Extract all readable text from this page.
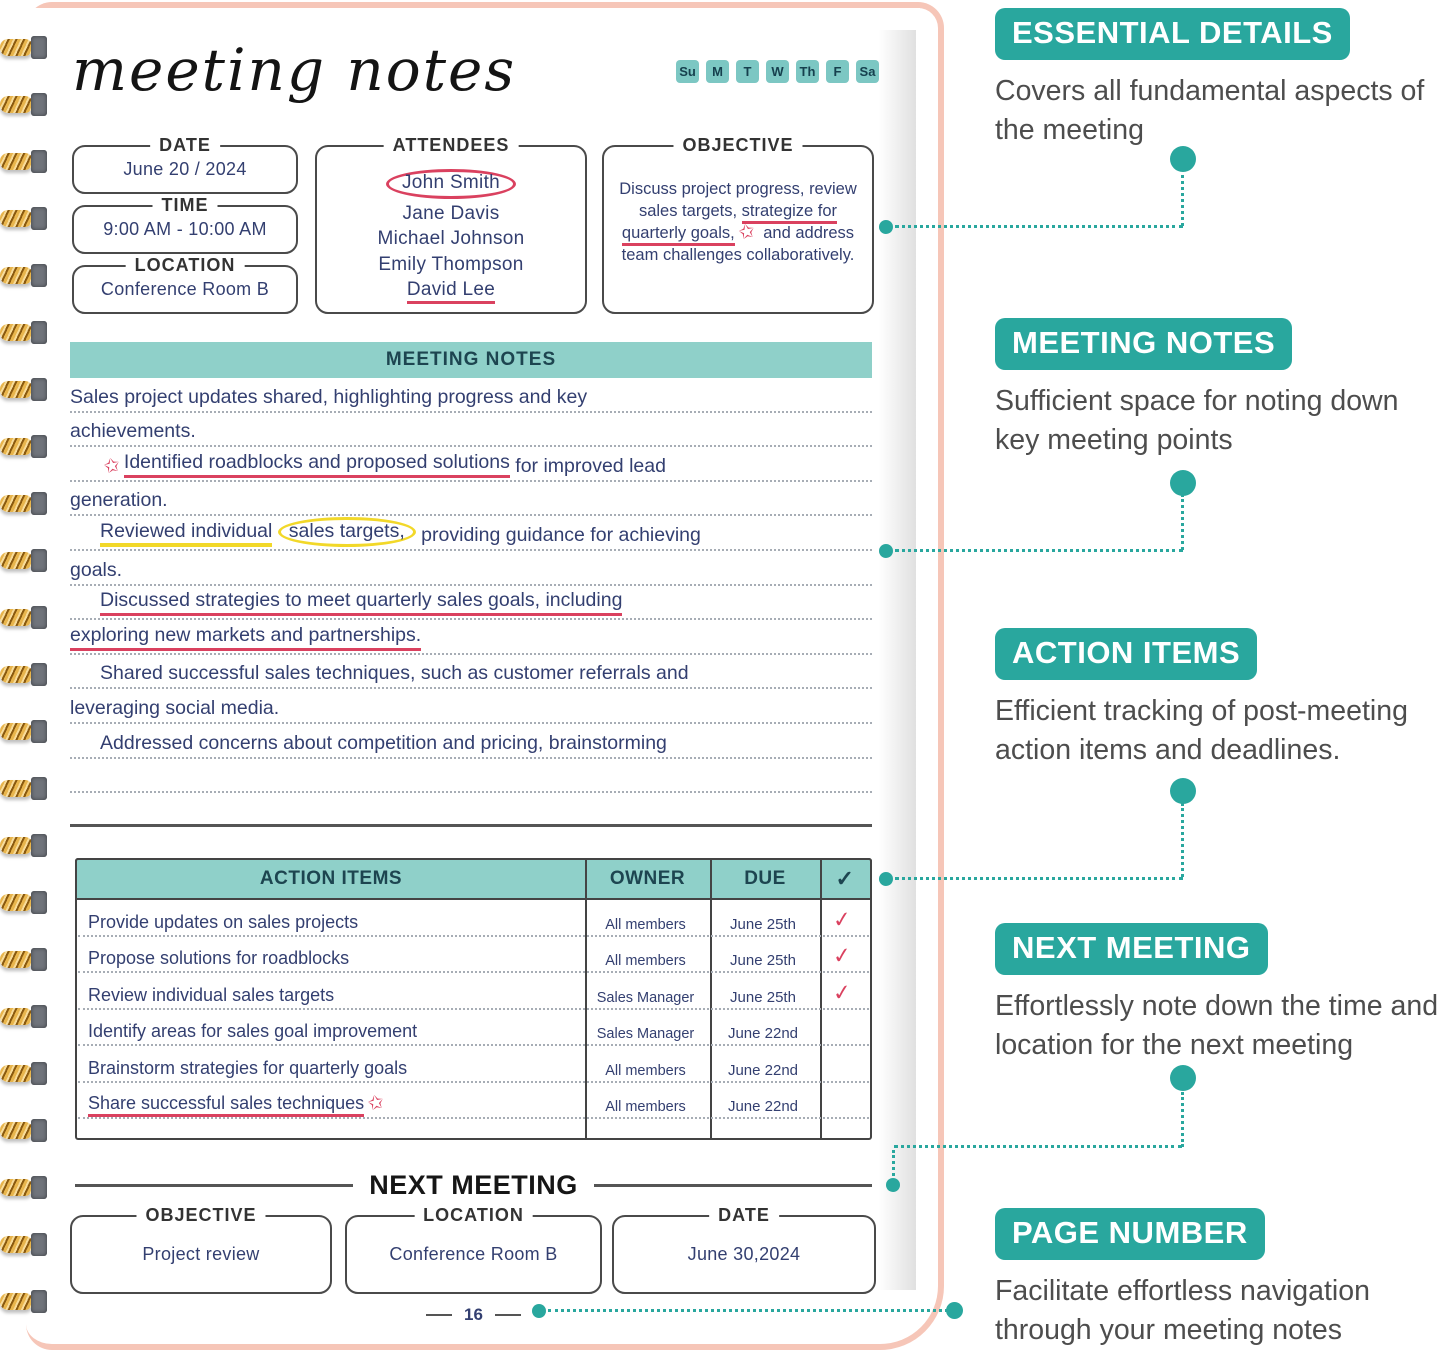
meeting notes	Su	M	T	W	Th	F	Sa
DATE
June 20 / 2024
TIME
9:00 AM - 10:00 AM
LOCATION
Conference Room B
ATTENDEES
John Smith
Jane Davis
Michael Johnson
Emily Thompson
David Lee
OBJECTIVE
Discuss project progress, review sales targets, strategize for quarterly goals, ✩ and address team challenges collaboratively.
MEETING NOTES
Sales project updates shared, highlighting progress and key
achievements.
✩ Identified roadblocks and proposed solutions for improved lead
generation.
Reviewed individual
sales targets, providing guidance for achieving
goals.
Discussed strategies to meet quarterly sales goals, including
exploring new markets and partnerships.
Shared successful sales techniques, such as customer referrals and
leveraging social media.
Addressed concerns about competition and pricing, brainstorming
ACTION ITEMS	OWNER	DUE	✓
Provide updates on sales projects	All members	June 25th	✓
Propose solutions for roadblocks	All members	June 25th	✓
Review individual sales targets	Sales Manager	June 25th	✓
Identify areas for sales goal improvement	Sales Manager	June 22nd
Brainstorm strategies for quarterly goals	All members	June 22nd
Share successful sales techniques ✩	All members	June 22nd
NEXT MEETING
OBJECTIVE
Project review
LOCATION
Conference Room B
DATE
June 30,2024
16
ESSENTIAL DETAILS
Covers all fundamental aspects of the meeting
MEETING NOTES
Sufficient space for noting down key meeting points
ACTION ITEMS
Efficient tracking of post-meeting action items and deadlines.
NEXT MEETING
Effortlessly note down the time and location for the next meeting
PAGE NUMBER
Facilitate effortless navigation through your meeting notes
